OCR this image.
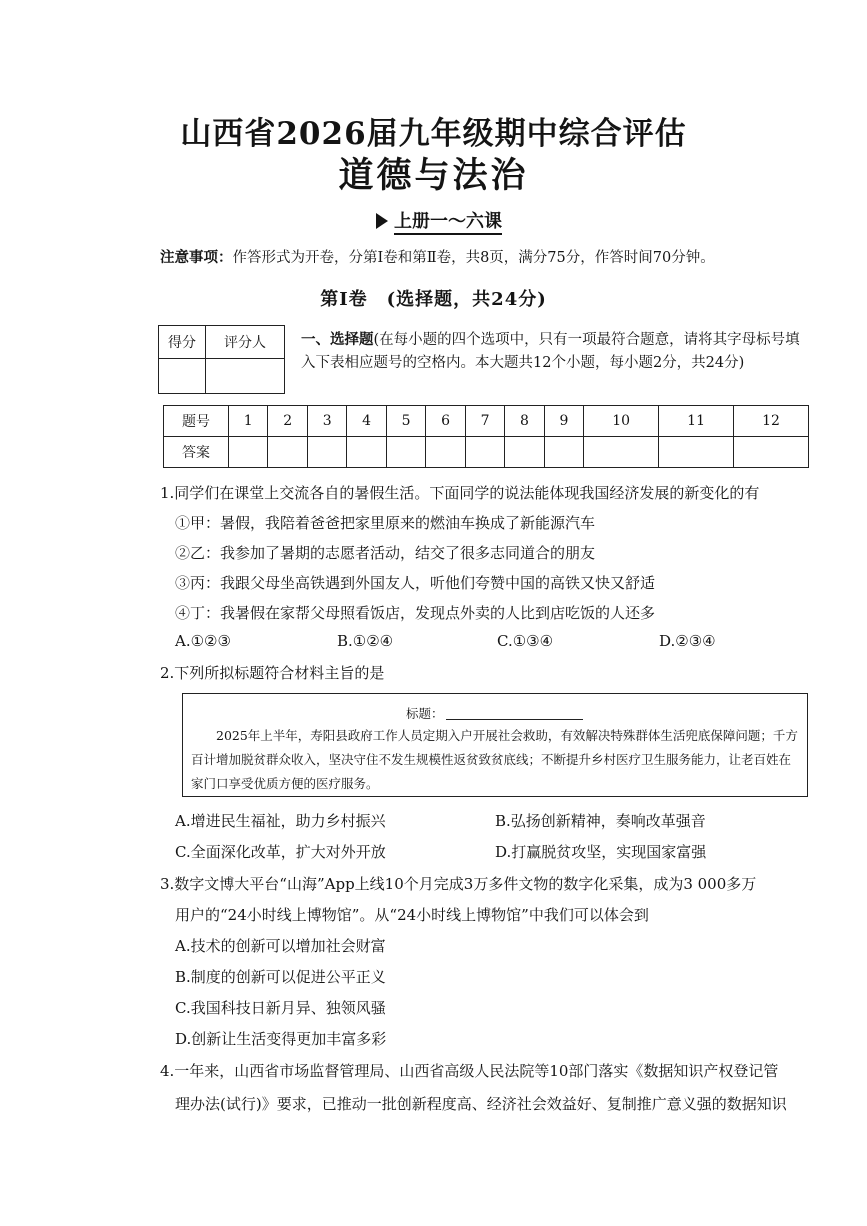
山西省2026届九年级期中综合评估
道德与法治
上册一～六课
注意事项：作答形式为开卷，分第Ⅰ卷和第Ⅱ卷，共8页，满分75分，作答时间70分钟。
第Ⅰ卷　(选择题，共24分)
得分	评分人
	一、选择题(在每小题的四个选项中，只有一项最符合题意，请将其字母标号填入下表相应题号的空格内。本大题共12个小题，每小题2分，共24分)
题号	1	2	3	4	5	6	7	8	9	10	11	12
答案												
1.同学们在课堂上交流各自的暑假生活。下面同学的说法能体现我国经济发展的新变化的有
①甲：暑假，我陪着爸爸把家里原来的燃油车换成了新能源汽车
②乙：我参加了暑期的志愿者活动，结交了很多志同道合的朋友
③丙：我跟父母坐高铁遇到外国友人，听他们夸赞中国的高铁又快又舒适
④丁：我暑假在家帮父母照看饭店，发现点外卖的人比到店吃饭的人还多
A.①②③	B.①②④	C.①③④	D.②③④
2.下列所拟标题符合材料主旨的是
标题：
2025年上半年，寿阳县政府工作人员定期入户开展社会救助，有效解决特殊群体生活兜底保障问题；千方百计增加脱贫群众收入，坚决守住不发生规模性返贫致贫底线；不断提升乡村医疗卫生服务能力，让老百姓在家门口享受优质方便的医疗服务。
A.增进民生福祉，助力乡村振兴	B.弘扬创新精神，奏响改革强音
C.全面深化改革，扩大对外开放	D.打赢脱贫攻坚，实现国家富强
3.数字文博大平台“山海”App上线10个月完成3万多件文物的数字化采集，成为3 000多万
用户的“24小时线上博物馆”。从“24小时线上博物馆”中我们可以体会到
A.技术的创新可以增加社会财富
B.制度的创新可以促进公平正义
C.我国科技日新月异、独领风骚
D.创新让生活变得更加丰富多彩
4.一年来，山西省市场监督管理局、山西省高级人民法院等10部门落实《数据知识产权登记管
理办法(试行)》要求，已推动一批创新程度高、经济社会效益好、复制推广意义强的数据知识
